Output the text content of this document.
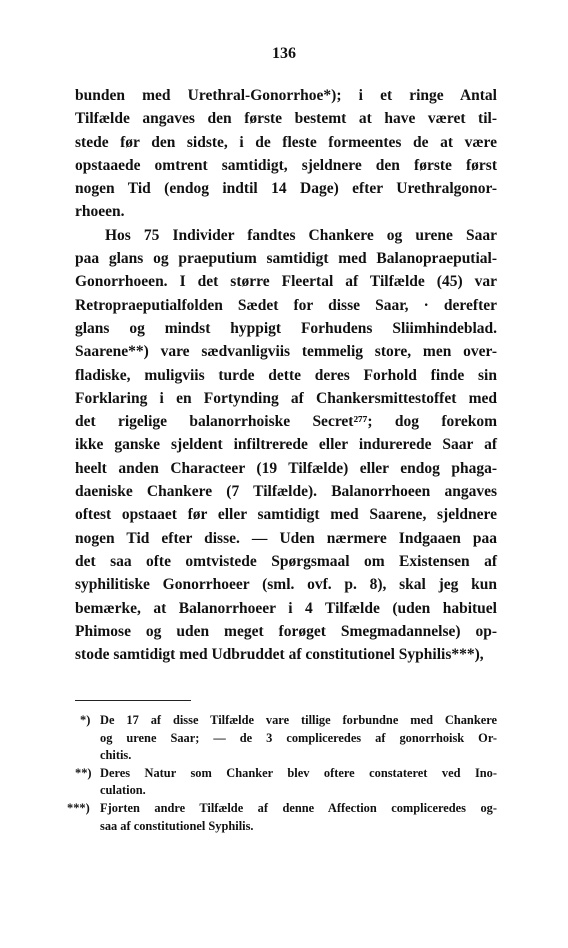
136
bunden med Urethral-Gonorrhoe*); i et ringe Antal
Tilfælde angaves den første bestemt at have været til-
stede før den sidste, i de fleste formeentes de at være
opstaaede omtrent samtidigt, sjeldnere den første først
nogen Tid (endog indtil 14 Dage) efter Urethralgonor-
rhoeen.
Hos 75 Individer fandtes Chankere og urene Saar
paa glans og praeputium samtidigt med Balanopraeputial-
Gonorrhoeen. I det større Fleertal af Tilfælde (45) var
Retropraeputialfolden Sædet for disse Saar, · derefter
glans og mindst hyppigt Forhudens Sliimhindeblad.
Saarene**) vare sædvanligviis temmelig store, men over-
fladiske, muligviis turde dette deres Forhold finde sin
Forklaring i en Fortynding af Chankersmittestoffet med
det rigelige balanorrhoiske Secret²⁷⁷; dog forekom
ikke ganske sjeldent infiltrerede eller indurerede Saar af
heelt anden Characteer (19 Tilfælde) eller endog phaga-
daeniske Chankere (7 Tilfælde). Balanorrhoeen angaves
oftest opstaaet før eller samtidigt med Saarene, sjeldnere
nogen Tid efter disse. — Uden nærmere Indgaaen paa
det saa ofte omtvistede Spørgsmaal om Existensen af
syphilitiske Gonorrhoeer (sml. ovf. p. 8), skal jeg kun
bemærke, at Balanorrhoeer i 4 Tilfælde (uden habituel
Phimose og uden meget forøget Smegmadannelse) op-
stode samtidigt med Udbruddet af constitutionel Syphilis***),
*) De 17 af disse Tilfælde vare tillige forbundne med Chankere
og urene Saar; — de 3 compliceredes af gonorrhoisk Or-
chitis.
**) Deres Natur som Chanker blev oftere constateret ved Ino-
culation.
***) Fjorten andre Tilfælde af denne Affection compliceredes og-
saa af constitutionel Syphilis.
